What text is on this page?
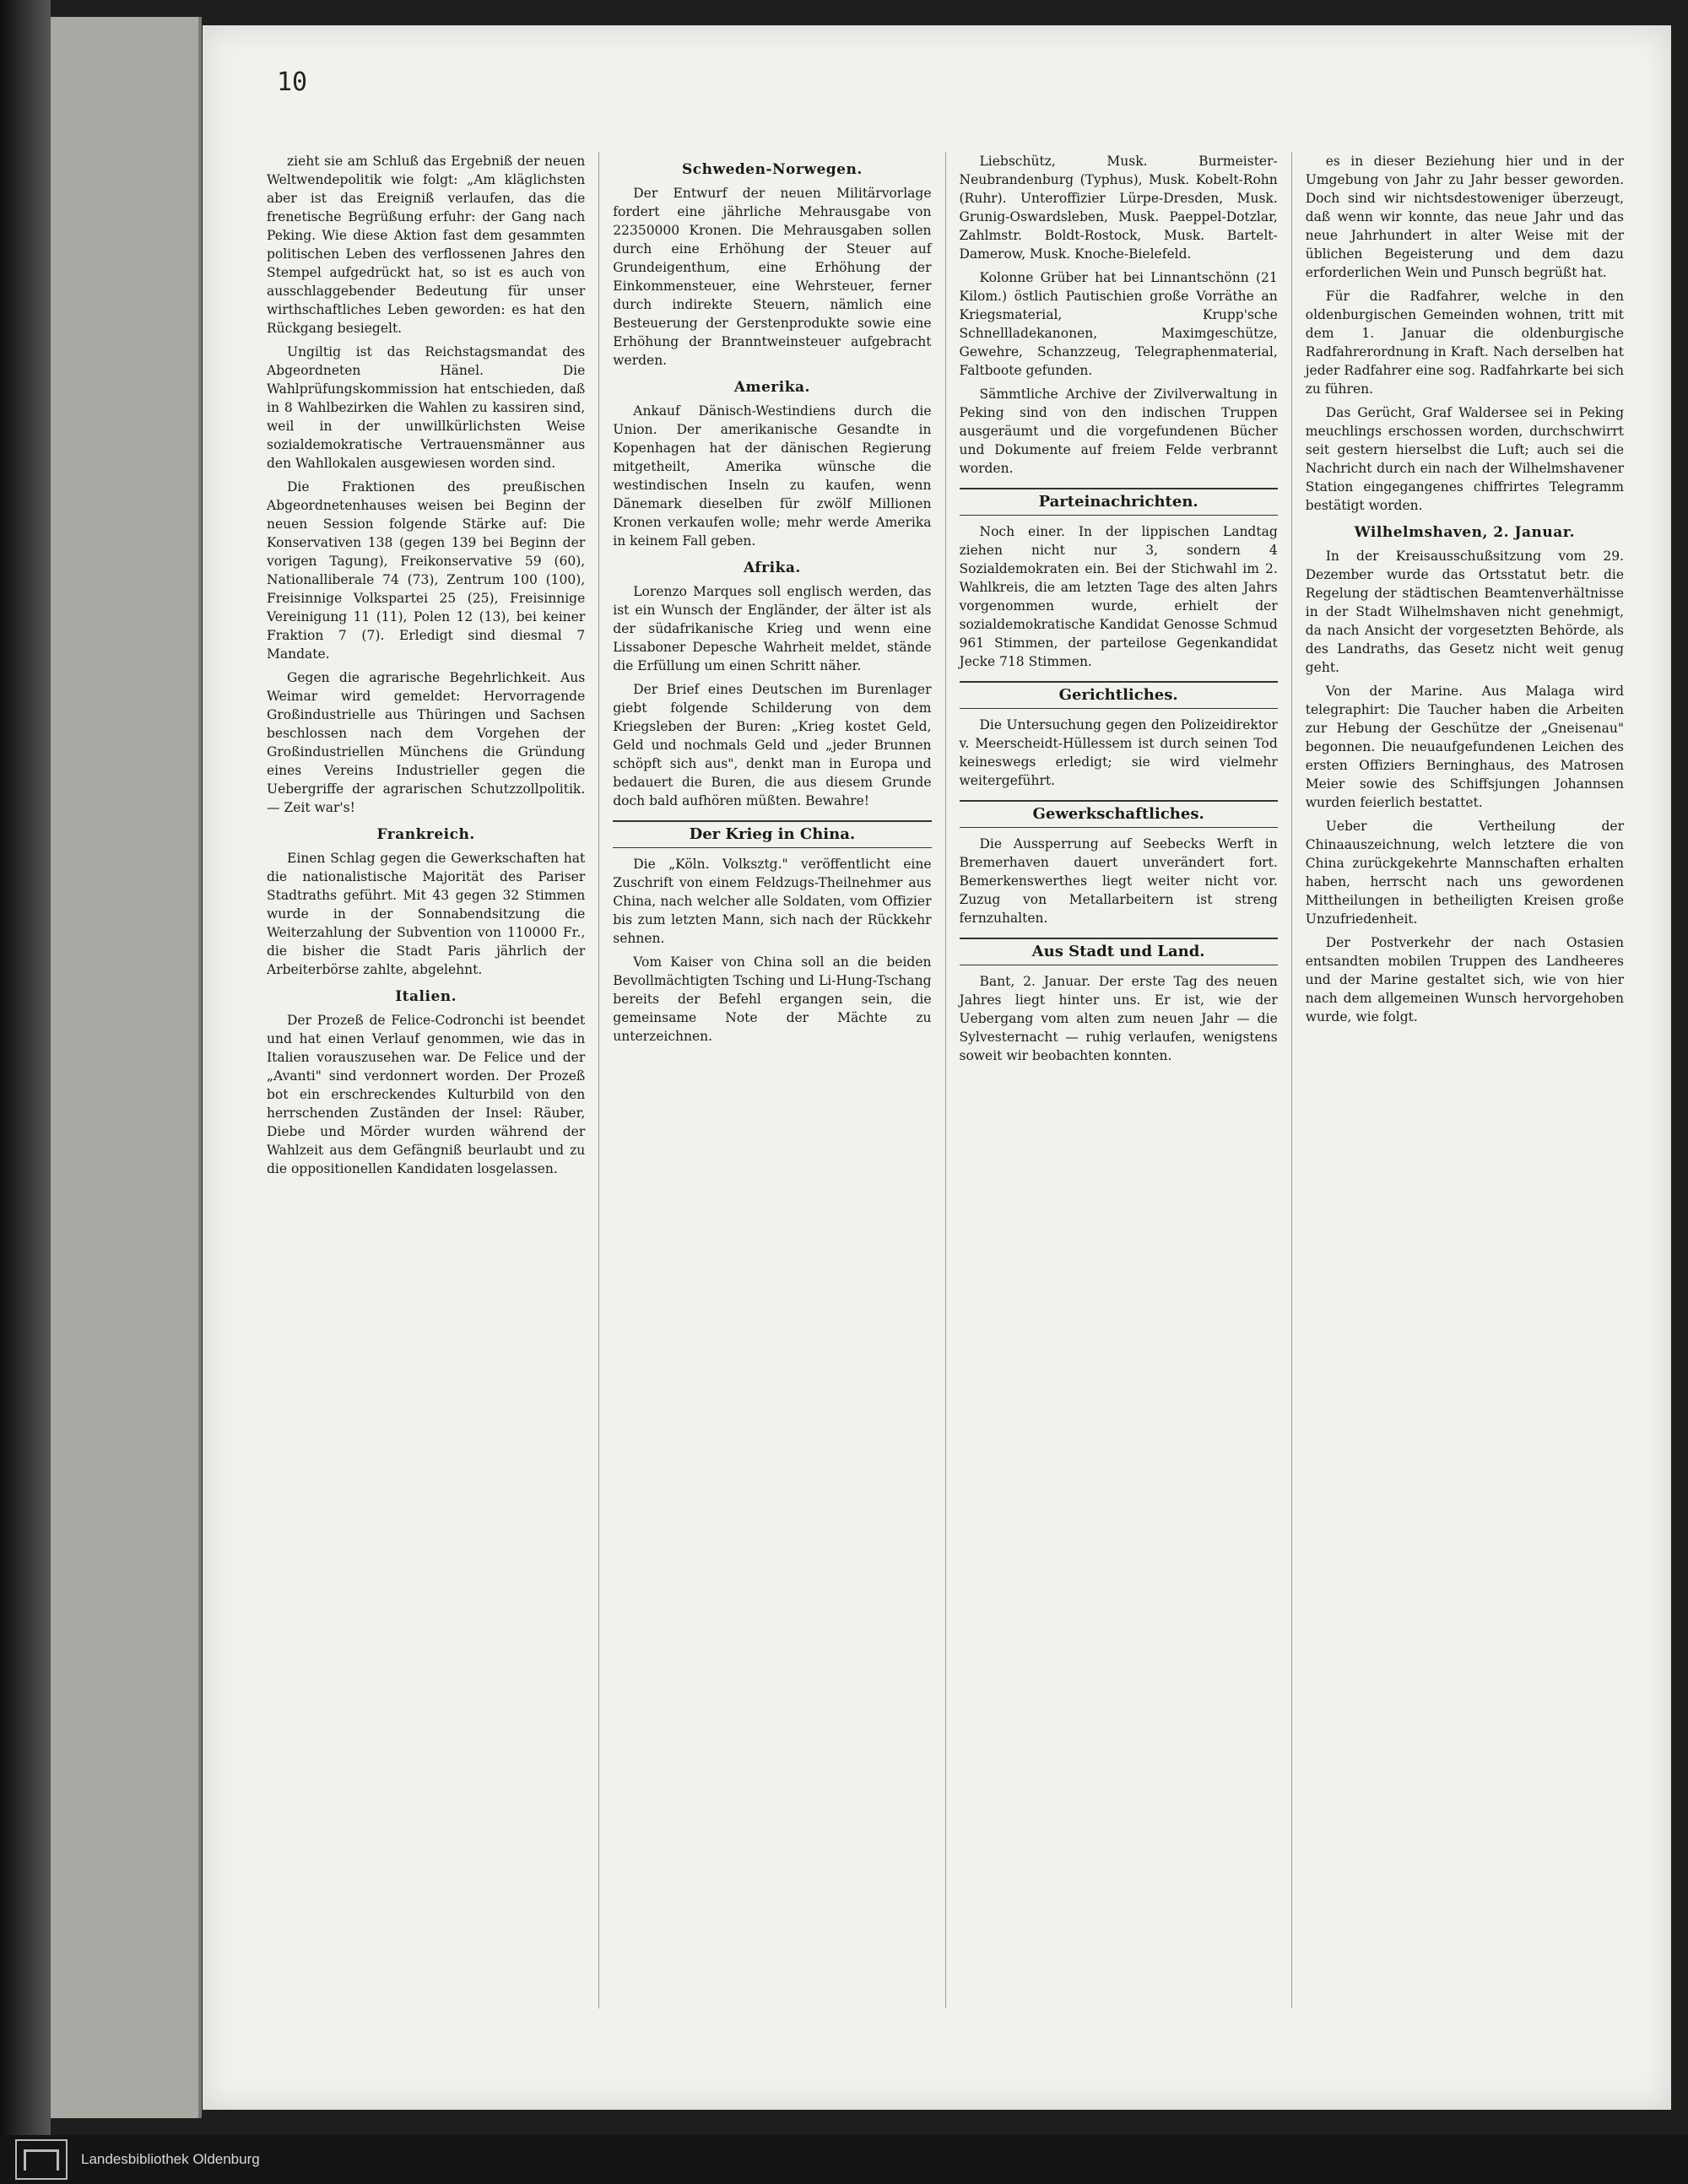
10

zieht sie am Schluß das Ergebniß der neuen Weltwendepolitik wie folgt: „Am kläglichsten aber ist das Ereigniß verlaufen, das die frenetische Begrüßung erfuhr: der Gang nach Peking. Wie diese Aktion fast dem gesammten politischen Leben des verflossenen Jahres den Stempel aufgedrückt hat, so ist es auch von ausschlaggebender Bedeutung für unser wirthschaftliches Leben geworden: es hat den Rückgang besiegelt.

Ungiltig ist das Reichstagsmandat des Abgeordneten Hänel. Die Wahlprüfungskommission hat entschieden, daß in 8 Wahlbezirken die Wahlen zu kassiren sind, weil in der unwillkürlichsten Weise sozialdemokratische Vertrauensmänner aus den Wahllokalen ausgewiesen worden sind.

Die Fraktionen des preußischen Abgeordnetenhauses weisen bei Beginn der neuen Session folgende Stärke auf: Die Konservativen 138 (gegen 139 bei Beginn der vorigen Tagung), Freikonservative 59 (60), Nationalliberale 74 (73), Zentrum 100 (100), Freisinnige Volkspartei 25 (25), Freisinnige Vereinigung 11 (11), Polen 12 (13), bei keiner Fraktion 7 (7). Erledigt sind diesmal 7 Mandate.

Gegen die agrarische Begehrlichkeit. Aus Weimar wird gemeldet: Hervorragende Großindustrielle aus Thüringen und Sachsen beschlossen nach dem Vorgehen der Großindustriellen Münchens die Gründung eines Vereins Industrieller gegen die Uebergriffe der agrarischen Schutzzollpolitik. — Zeit war's!

Frankreich.

Einen Schlag gegen die Gewerkschaften hat die nationalistische Majorität des Pariser Stadtraths geführt. Mit 43 gegen 32 Stimmen wurde in der Sonnabendsitzung die Weiterzahlung der Subvention von 110000 Fr., die bisher die Stadt Paris jährlich der Arbeiterbörse zahlte, abgelehnt.

Italien.

Der Prozeß de Felice-Codronchi ist beendet und hat einen Verlauf genommen, wie das in Italien vorauszusehen war. De Felice und der „Avanti" sind verdonnert worden. Der Prozeß bot ein erschreckendes Kulturbild von den herrschenden Zuständen der Insel: Räuber, Diebe und Mörder wurden während der Wahlzeit aus dem Gefängniß beurlaubt und zu die oppositionellen Kandidaten losgelassen.

Schweden-Norwegen.

Der Entwurf der neuen Militärvorlage fordert eine jährliche Mehrausgabe von 22350000 Kronen. Die Mehrausgaben sollen durch eine Erhöhung der Steuer auf Grundeigenthum, eine Erhöhung der Einkommensteuer, eine Wehrsteuer, ferner durch indirekte Steuern, nämlich eine Besteuerung der Gerstenprodukte sowie eine Erhöhung der Branntweinsteuer aufgebracht werden.

Amerika.

Ankauf Dänisch-Westindiens durch die Union. Der amerikanische Gesandte in Kopenhagen hat der dänischen Regierung mitgetheilt, Amerika wünsche die westindischen Inseln zu kaufen, wenn Dänemark dieselben für zwölf Millionen Kronen verkaufen wolle; mehr werde Amerika in keinem Fall geben.

Afrika.

Lorenzo Marques soll englisch werden, das ist ein Wunsch der Engländer, der älter ist als der südafrikanische Krieg und wenn eine Lissaboner Depesche Wahrheit meldet, stände die Erfüllung um einen Schritt näher.

Der Brief eines Deutschen im Burenlager giebt folgende Schilderung von dem Kriegsleben der Buren: „Krieg kostet Geld, Geld und nochmals Geld und „jeder Brunnen schöpft sich aus", denkt man in Europa und bedauert die Buren, die aus diesem Grunde doch bald aufhören müßten. Bewahre!

Der Krieg in China.

Die „Köln. Volksztg." veröffentlicht eine Zuschrift von einem Feldzugs-Theilnehmer aus China, nach welcher alle Soldaten, vom Offizier bis zum letzten Mann, sich nach der Rückkehr sehnen.

Vom Kaiser von China soll an die beiden Bevollmächtigten Tsching und Li-Hung-Tschang bereits der Befehl ergangen sein, die gemeinsame Note der Mächte zu unterzeichnen.

Liebschütz, Musk. Burmeister-Neubrandenburg (Typhus), Musk. Kobelt-Rohn (Ruhr). Unteroffizier Lürpe-Dresden, Musk. Grunig-Oswardsleben, Musk. Paeppel-Dotzlar, Zahlmstr. Boldt-Rostock, Musk. Bartelt-Damerow, Musk. Knoche-Bielefeld.

Kolonne Grüber hat bei Linnantschönn (21 Kilom.) östlich Pautischien große Vorräthe an Kriegsmaterial, Krupp'sche Schnellladekanonen, Maximgeschütze, Gewehre, Schanzzeug, Telegraphenmaterial, Faltboote gefunden.

Sämmtliche Archive der Zivilverwaltung in Peking sind von den indischen Truppen ausgeräumt und die vorgefundenen Bücher und Dokumente auf freiem Felde verbrannt worden.

Parteinachrichten.

Noch einer. In der lippischen Landtag ziehen nicht nur 3, sondern 4 Sozialdemokraten ein. Bei der Stichwahl im 2. Wahlkreis, die am letzten Tage des alten Jahrs vorgenommen wurde, erhielt der sozialdemokratische Kandidat Genosse Schmud 961 Stimmen, der parteilose Gegenkandidat Jecke 718 Stimmen.

Gerichtliches.

Die Untersuchung gegen den Polizeidirektor v. Meerscheidt-Hüllessem ist durch seinen Tod keineswegs erledigt; sie wird vielmehr weitergeführt.

Gewerkschaftliches.

Die Aussperrung auf Seebecks Werft in Bremerhaven dauert unverändert fort. Bemerkenswerthes liegt weiter nicht vor. Zuzug von Metallarbeitern ist streng fernzuhalten.

Aus Stadt und Land.

Bant, 2. Januar. Der erste Tag des neuen Jahres liegt hinter uns. Er ist, wie der Uebergang vom alten zum neuen Jahr — die Sylvesternacht — ruhig verlaufen, wenigstens soweit wir beobachten konnten.

es in dieser Beziehung hier und in der Umgebung von Jahr zu Jahr besser geworden. Doch sind wir nichtsdestoweniger überzeugt, daß wenn wir konnte, das neue Jahr und das neue Jahrhundert in alter Weise mit der üblichen Begeisterung und dem dazu erforderlichen Wein und Punsch begrüßt hat.

Für die Radfahrer, welche in den oldenburgischen Gemeinden wohnen, tritt mit dem 1. Januar die oldenburgische Radfahrerordnung in Kraft. Nach derselben hat jeder Radfahrer eine sog. Radfahrkarte bei sich zu führen.

Das Gerücht, Graf Waldersee sei in Peking meuchlings erschossen worden, durchschwirrt seit gestern hierselbst die Luft; auch sei die Nachricht durch ein nach der Wilhelmshavener Station eingegangenes chiffrirtes Telegramm bestätigt worden.

Wilhelmshaven, 2. Januar.

In der Kreisausschußsitzung vom 29. Dezember wurde das Ortsstatut betr. die Regelung der städtischen Beamtenverhältnisse in der Stadt Wilhelmshaven nicht genehmigt, da nach Ansicht der vorgesetzten Behörde, als des Landraths, das Gesetz nicht weit genug geht.

Von der Marine. Aus Malaga wird telegraphirt: Die Taucher haben die Arbeiten zur Hebung der Geschütze der „Gneisenau" begonnen. Die neuaufgefundenen Leichen des ersten Offiziers Berninghaus, des Matrosen Meier sowie des Schiffsjungen Johannsen wurden feierlich bestattet.

Ueber die Vertheilung der Chinaauszeichnung, welch letztere die von China zurückgekehrte Mannschaften erhalten haben, herrscht nach uns gewordenen Mittheilungen in betheiligten Kreisen große Unzufriedenheit.

Der Postverkehr der nach Ostasien entsandten mobilen Truppen des Landheeres und der Marine gestaltet sich, wie von hier nach dem allgemeinen Wunsch hervorgehoben wurde, wie folgt.

Landesbibliothek Oldenburg
